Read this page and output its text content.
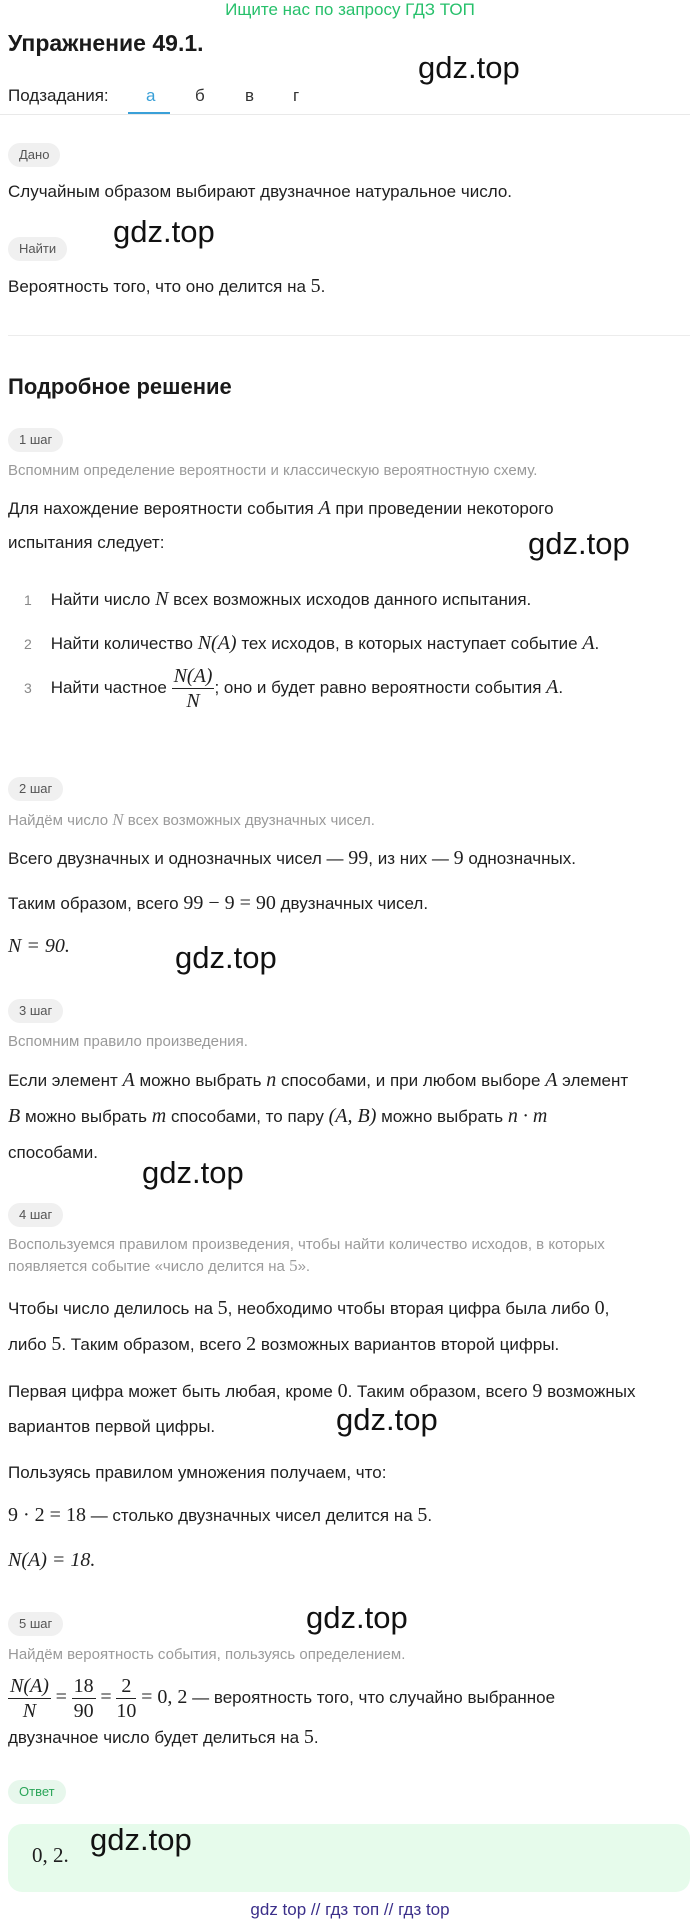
Ищите нас по запросу ГДЗ ТОП
Упражнение 49.1.
gdz.top
Подзадания: а б в г
Дано
Случайным образом выбирают двузначное натуральное число.
Найти	gdz.top
Вероятность того, что оно делится на 5.
Подробное решение
1 шаг
Вспомним определение вероятности и классическую вероятностную схему.
Для нахождение вероятности события A при проведении некоторого
испытания следует:	gdz.top
1 Найти число N всех возможных исходов данного испытания.
2 Найти количество N(A) тех исходов, в которых наступает событие A.
3 Найти частное $\frac{N(A)}{N}$ ; оно и будет равно вероятности события A.
2 шаг
Найдём число N всех возможных двузначных чисел.
Всего двузначных и однозначных чисел — 99, из них — 9 однозначных.
Таким образом, всего 99 − 9 = 90 двузначных чисел.
N = 90.	gdz.top
3 шаг
Вспомним правило произведения.
Если элемент A можно выбрать n способами, и при любом выборе A элемент
B можно выбрать m способами, то пару (A, B) можно выбрать n · m
способами.
gdz.top
4 шаг
Воспользуемся правилом произведения, чтобы найти количество исходов, в которых
появляется событие «число делится на 5».
Чтобы число делилось на 5, необходимо чтобы вторая цифра была либо 0,
либо 5. Таким образом, всего 2 возможных вариантов второй цифры.
Первая цифра может быть любая, кроме 0. Таким образом, всего 9 возможных
вариантов первой цифры.	gdz.top
Пользуясь правилом умножения получаем, что:
9 · 2 = 18 — столько двузначных чисел делится на 5.
N(A) = 18.
gdz.top
5 шаг
Найдём вероятность события, пользуясь определением.
$\frac{N(A)}{N} = \frac{18}{90} = \frac{2}{10} = 0$, 2 — вероятность того, что случайно выбранное
двузначное число будет делиться на 5.
Ответ
0, 2. gdz.top
gdz top // гдз топ // гдз top
